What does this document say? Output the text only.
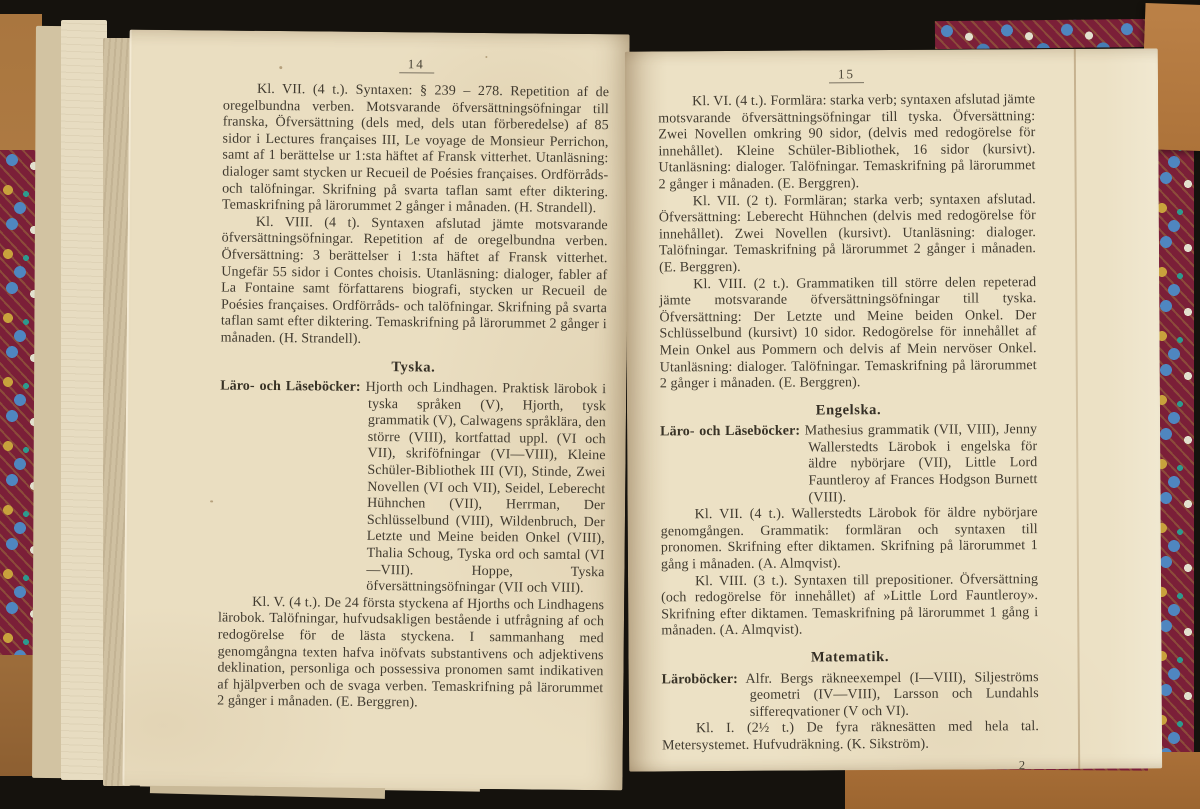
14

Kl. VII. (4 t.). Syntaxen: § 239 – 278. Repetition af de oregelbundna verben. Motsvarande öfversättningsöfningar till franska, Öfversättning (dels med, dels utan förberedelse) af 85 sidor i Lectures françaises III, Le voyage de Monsieur Perrichon, samt af 1 berättelse ur 1:sta häftet af Fransk vitterhet. Utanläsning: dialoger samt stycken ur Recueil de Poésies françaises. Ordförråds- och talöfningar. Skrifning på svarta taflan samt efter diktering. Temaskrifning på lärorummet 2 gånger i månaden. (H. Strandell).

Kl. VIII. (4 t). Syntaxen afslutad jämte motsvarande öfversättningsöfningar. Repetition af de oregelbundna verben. Öfversättning: 3 berättelser i 1:sta häftet af Fransk vitterhet. Ungefär 55 sidor i Contes choisis. Utanläsning: dialoger, fabler af La Fontaine samt författarens biografi, stycken ur Recueil de Poésies françaises. Ordförråds- och talöfningar. Skrifning på svarta taflan samt efter diktering. Temaskrifning på lärorummet 2 gånger i månaden. (H. Strandell).

Tyska.
Läro- och Läseböcker: Hjorth och Lindhagen. Praktisk lärobok i tyska språken (V), Hjorth, tysk grammatik (V), Calwagens språklära, den större (VIII), kortfattad uppl. (VI och VII), skriföfningar (VI—VIII), Kleine Schüler-Bibliothek III (VI), Stinde, Zwei Novellen (VI och VII), Seidel, Leberecht Hühnchen (VII), Herrman, Der Schlüsselbund (VIII), Wildenbruch, Der Letzte und Meine beiden Onkel (VIII), Thalia Schoug, Tyska ord och samtal (VI—VIII). Hoppe, Tyska öfversättningsöfningar (VII och VIII).

Kl. V. (4 t.). De 24 första styckena af Hjorths och Lindhagens lärobok. Talöfningar, hufvudsakligen bestående i utfrågning af och redogörelse för de lästa styckena. I sammanhang med genomgångna texten hafva inöfvats substantivens och adjektivens deklination, personliga och possessiva pronomen samt indikativen af hjälpverben och de svaga verben. Temaskrifning på lärorummet 2 gånger i månaden. (E. Berggren).

15

Kl. VI. (4 t.). Formlära: starka verb; syntaxen afslutad jämte motsvarande öfversättningsöfningar till tyska. Öfversättning: Zwei Novellen omkring 90 sidor, (delvis med redogörelse för innehållet). Kleine Schüler-Bibliothek, 16 sidor (kursivt). Utanläsning: dialoger. Talöfningar. Temaskrifning på lärorummet 2 gånger i månaden. (E. Berggren).

Kl. VII. (2 t). Formläran; starka verb; syntaxen afslutad. Öfversättning: Leberecht Hühnchen (delvis med redogörelse för innehållet). Zwei Novellen (kursivt). Utanläsning: dialoger. Talöfningar. Temaskrifning på lärorummet 2 gånger i månaden. (E. Berggren).

Kl. VIII. (2 t.). Grammatiken till större delen repeterad jämte motsvarande öfversättningsöfningar till tyska. Öfversättning: Der Letzte und Meine beiden Onkel. Der Schlüsselbund (kursivt) 10 sidor. Redogörelse för innehållet af Mein Onkel aus Pommern och delvis af Mein nervöser Onkel. Utanläsning: dialoger. Talöfningar. Temaskrifning på lärorummet 2 gånger i månaden. (E. Berggren).

Engelska.
Läro- och Läseböcker: Mathesius grammatik (VII, VIII), Jenny Wallerstedts Lärobok i engelska för äldre nybörjare (VII), Little Lord Fauntleroy af Frances Hodgson Burnett (VIII).

Kl. VII. (4 t.). Wallerstedts Lärobok för äldre nybörjare genomgången. Grammatik: formläran och syntaxen till pronomen. Skrifning efter diktamen. Skrifning på lärorummet 1 gång i månaden. (A. Almqvist).

Kl. VIII. (3 t.). Syntaxen till prepositioner. Öfversättning (och redogörelse för innehållet) af »Little Lord Fauntleroy». Skrifning efter diktamen. Temaskrifning på lärorummet 1 gång i månaden. (A. Almqvist).

Matematik.
Läroböcker: Alfr. Bergs räkneexempel (I—VIII), Siljeströms geometri (IV—VIII), Larsson och Lundahls siffereqvationer (V och VI).

Kl. I. (2½ t.) De fyra räknesätten med hela tal. Metersystemet. Hufvudräkning. (K. Sikström).

2
